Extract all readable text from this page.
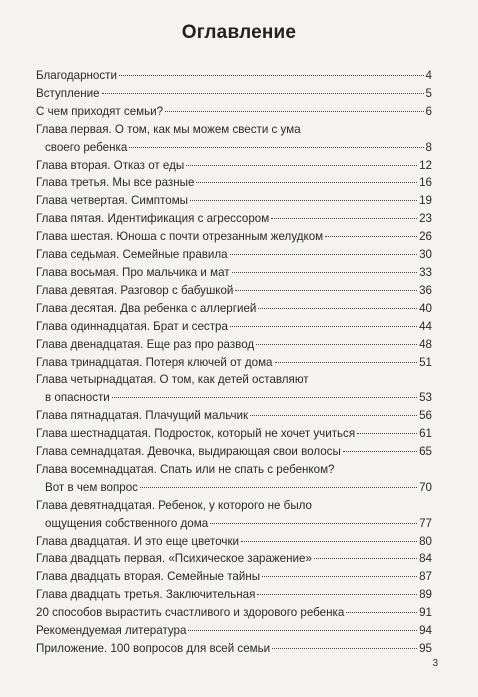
Оглавление
Благодарности	4
Вступление	5
С чем приходят семьи?	6
Глава первая. О том, как мы можем свести с ума
своего ребенка	8
Глава вторая. Отказ от еды	12
Глава третья. Мы все разные	16
Глава четвертая. Симптомы	19
Глава пятая. Идентификация с агрессором	23
Глава шестая. Юноша с почти отрезанным желудком	26
Глава седьмая. Семейные правила	30
Глава восьмая. Про мальчика и мат	33
Глава девятая. Разговор с бабушкой	36
Глава десятая. Два ребенка с аллергией	40
Глава одиннадцатая. Брат и сестра	44
Глава двенадцатая. Еще раз про развод	48
Глава тринадцатая. Потеря ключей от дома	51
Глава четырнадцатая. О том, как детей оставляют
в опасности	53
Глава пятнадцатая. Плачущий мальчик	56
Глава шестнадцатая. Подросток, который не хочет учиться	61
Глава семнадцатая. Девочка, выдирающая свои волосы	65
Глава восемнадцатая. Спать или не спать с ребенком?
Вот в чем вопрос	70
Глава девятнадцатая. Ребенок, у которого не было
ощущения собственного дома	77
Глава двадцатая. И это еще цветочки	80
Глава двадцать первая. «Психическое заражение»	84
Глава двадцать вторая. Семейные тайны	87
Глава двадцать третья. Заключительная	89
20 способов вырастить счастливого и здорового ребенка	91
Рекомендуемая литература	94
Приложение. 100 вопросов для всей семьи	95
3
